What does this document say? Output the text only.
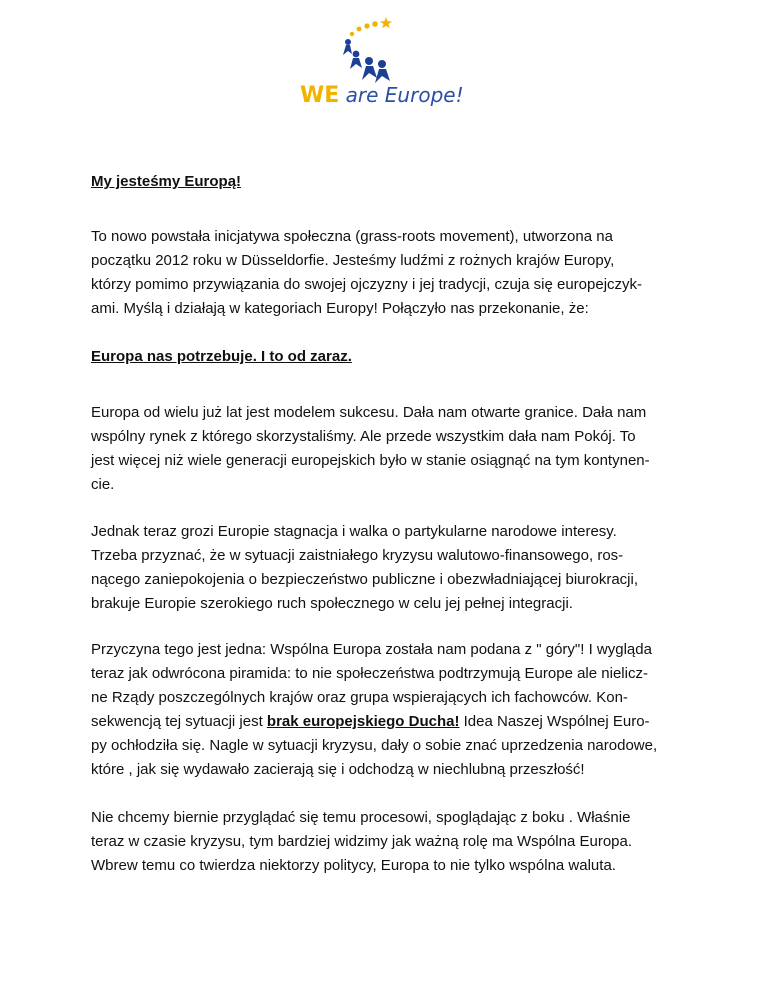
WE are Europe!

My jesteśmy Europą!

To nowo powstała inicjatywa społeczna (grass-roots movement), utworzona na
początku 2012 roku w Düsseldorfie. Jesteśmy ludźmi z rożnych krajów Europy,
którzy pomimo przywiązania do swojej ojczyzny i jej tradycji, czuja się europejczyk-
ami. Myślą i działają w kategoriach Europy! Połączyło nas przekonanie, że:

Europa nas potrzebuje. I to od zaraz.

Europa od wielu już lat jest modelem sukcesu. Dała nam otwarte granice. Dała nam
wspólny rynek z którego skorzystaliśmy. Ale przede wszystkim dała nam Pokój. To
jest więcej niż wiele generacji europejskich było w stanie osiągnąć na tym kontynen-
cie.
Jednak teraz grozi Europie stagnacja i walka o partykularne narodowe interesy.
Trzeba przyznać, że w sytuacji zaistniałego kryzysu walutowo-finansowego, ros-
nącego zaniepokojenia o bezpieczeństwo publiczne i obezwładniającej biurokracji,
brakuje Europie szerokiego ruch społecznego w celu jej pełnej integracji.
Przyczyna tego jest jedna: Wspólna Europa została nam podana z " góry"! I wygląda
teraz jak odwrócona piramida: to nie społeczeństwa podtrzymują Europe ale nielicz-
ne Rządy poszczególnych krajów oraz grupa wspierających ich fachowców. Kon-
sekwencją tej sytuacji jest brak europejskiego Ducha! Idea Naszej Wspólnej Euro-
py ochłodziła się. Nagle w sytuacji kryzysu, dały o sobie znać uprzedzenia narodowe,
które , jak się wydawało zacierają się i odchodzą w niechlubną przeszłość!
Nie chcemy biernie przyglądać się temu procesowi, spoglądając z boku . Właśnie
teraz w czasie kryzysu, tym bardziej widzimy jak ważną rolę ma Wspólna Europa.
Wbrew temu co twierdza niektorzy politycy, Europa to nie tylko wspólna waluta.
